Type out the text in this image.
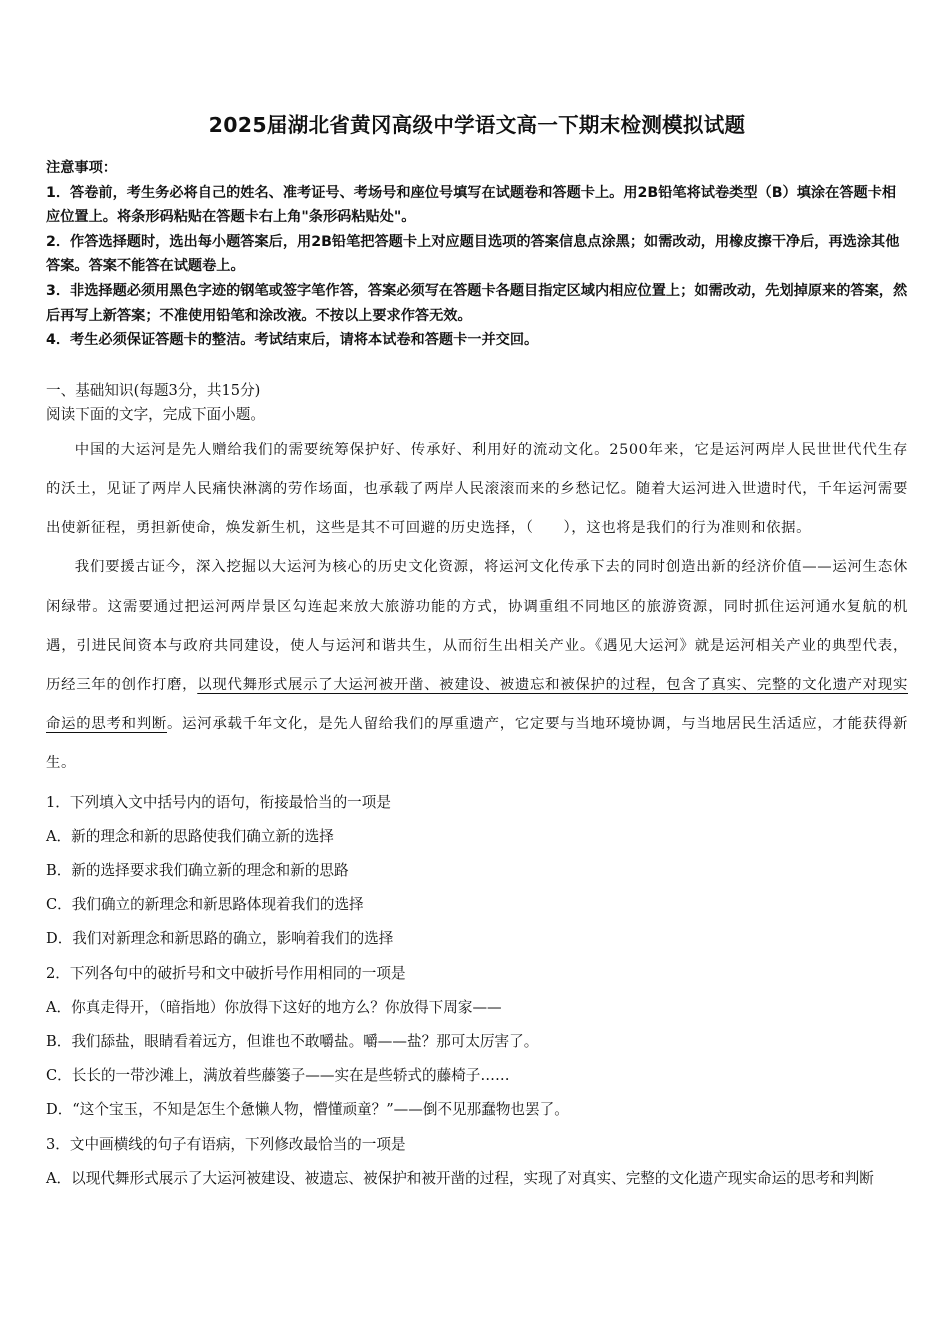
2025届湖北省黄冈高级中学语文高一下期末检测模拟试题

注意事项：

1．答卷前，考生务必将自己的姓名、准考证号、考场号和座位号填写在试题卷和答题卡上。用2B铅笔将试卷类型（B）填涂在答题卡相应位置上。将条形码粘贴在答题卡右上角"条形码粘贴处"。

2．作答选择题时，选出每小题答案后，用2B铅笔把答题卡上对应题目选项的答案信息点涂黑；如需改动，用橡皮擦干净后，再选涂其他答案。答案不能答在试题卷上。

3．非选择题必须用黑色字迹的钢笔或签字笔作答，答案必须写在答题卡各题目指定区域内相应位置上；如需改动，先划掉原来的答案，然后再写上新答案；不准使用铅笔和涂改液。不按以上要求作答无效。

4．考生必须保证答题卡的整洁。考试结束后，请将本试卷和答题卡一并交回。

一、基础知识(每题3分，共15分)

阅读下面的文字，完成下面小题。

中国的大运河是先人赠给我们的需要统筹保护好、传承好、利用好的流动文化。2500年来，它是运河两岸人民世世代代生存的沃土，见证了两岸人民痛快淋漓的劳作场面，也承载了两岸人民滚滚而来的乡愁记忆。随着大运河进入世遗时代，千年运河需要出使新征程，勇担新使命，焕发新生机，这些是其不可回避的历史选择，（　　），这也将是我们的行为准则和依据。

我们要援古证今，深入挖掘以大运河为核心的历史文化资源，将运河文化传承下去的同时创造出新的经济价值——运河生态休闲绿带。这需要通过把运河两岸景区勾连起来放大旅游功能的方式，协调重组不同地区的旅游资源，同时抓住运河通水复航的机遇，引进民间资本与政府共同建设，使人与运河和谐共生，从而衍生出相关产业。《遇见大运河》就是运河相关产业的典型代表，历经三年的创作打磨，以现代舞形式展示了大运河被开凿、被建设、被遗忘和被保护的过程，包含了真实、完整的文化遗产对现实命运的思考和判断。运河承载千年文化，是先人留给我们的厚重遗产，它定要与当地环境协调，与当地居民生活适应，才能获得新生。

1．下列填入文中括号内的语句，衔接最恰当的一项是

A．新的理念和新的思路使我们确立新的选择

B．新的选择要求我们确立新的理念和新的思路

C．我们确立的新理念和新思路体现着我们的选择

D．我们对新理念和新思路的确立，影响着我们的选择

2．下列各句中的破折号和文中破折号作用相同的一项是

A．你真走得开，（暗指地）你放得下这好的地方么？你放得下周家——

B．我们舔盐，眼睛看着远方，但谁也不敢嚼盐。嚼——盐？那可太厉害了。

C．长长的一带沙滩上，满放着些藤篓子——实在是些轿式的藤椅子……

D．“这个宝玉，不知是怎生个惫懒人物，懵懂顽童？”——倒不见那蠢物也罢了。

3．文中画横线的句子有语病，下列修改最恰当的一项是

A．以现代舞形式展示了大运河被建设、被遗忘、被保护和被开凿的过程，实现了对真实、完整的文化遗产现实命运的思考和判断
